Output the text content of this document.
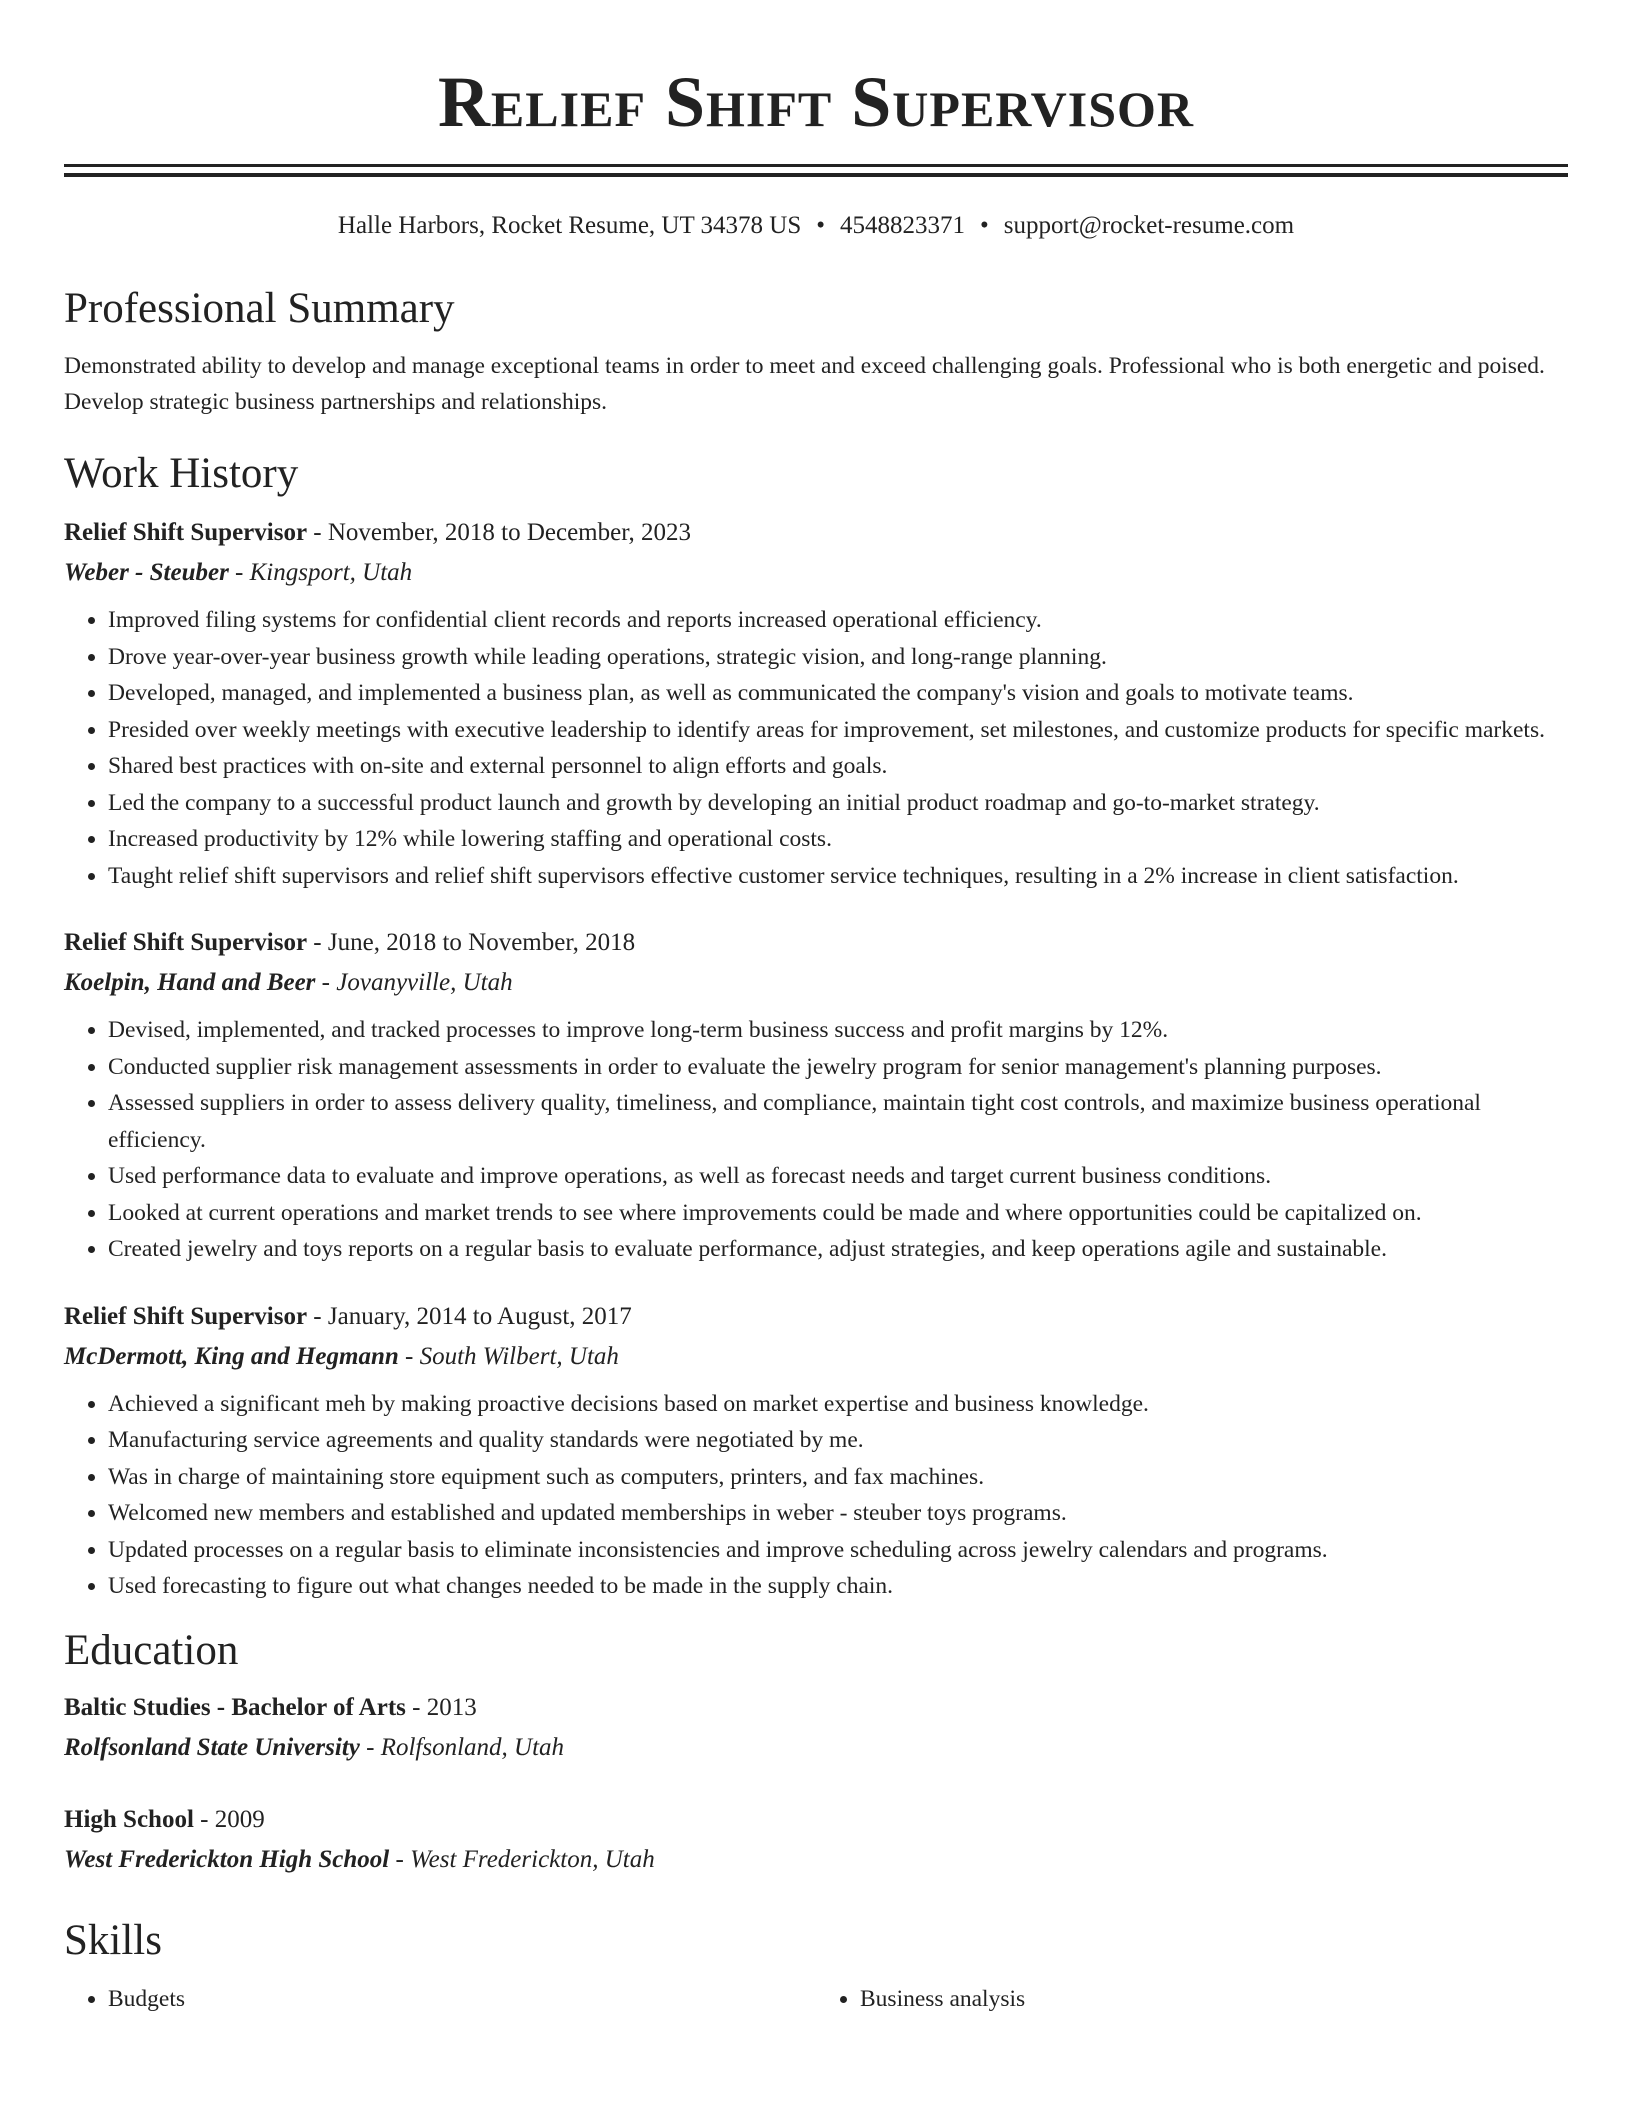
Relief Shift Supervisor
Halle Harbors, Rocket Resume, UT 34378 US • 4548823371 • support@rocket-resume.com
Professional Summary
Demonstrated ability to develop and manage exceptional teams in order to meet and exceed challenging goals. Professional who is both energetic and poised. Develop strategic business partnerships and relationships.
Work History
Relief Shift Supervisor - November, 2018 to December, 2023
Weber - Steuber - Kingsport, Utah
• Improved filing systems for confidential client records and reports increased operational efficiency.
• Drove year-over-year business growth while leading operations, strategic vision, and long-range planning.
• Developed, managed, and implemented a business plan, as well as communicated the company's vision and goals to motivate teams.
• Presided over weekly meetings with executive leadership to identify areas for improvement, set milestones, and customize products for specific markets.
• Shared best practices with on-site and external personnel to align efforts and goals.
• Led the company to a successful product launch and growth by developing an initial product roadmap and go-to-market strategy.
• Increased productivity by 12% while lowering staffing and operational costs.
• Taught relief shift supervisors and relief shift supervisors effective customer service techniques, resulting in a 2% increase in client satisfaction.
Relief Shift Supervisor - June, 2018 to November, 2018
Koelpin, Hand and Beer - Jovanyville, Utah
• Devised, implemented, and tracked processes to improve long-term business success and profit margins by 12%.
• Conducted supplier risk management assessments in order to evaluate the jewelry program for senior management's planning purposes.
• Assessed suppliers in order to assess delivery quality, timeliness, and compliance, maintain tight cost controls, and maximize business operational efficiency.
• Used performance data to evaluate and improve operations, as well as forecast needs and target current business conditions.
• Looked at current operations and market trends to see where improvements could be made and where opportunities could be capitalized on.
• Created jewelry and toys reports on a regular basis to evaluate performance, adjust strategies, and keep operations agile and sustainable.
Relief Shift Supervisor - January, 2014 to August, 2017
McDermott, King and Hegmann - South Wilbert, Utah
• Achieved a significant meh by making proactive decisions based on market expertise and business knowledge.
• Manufacturing service agreements and quality standards were negotiated by me.
• Was in charge of maintaining store equipment such as computers, printers, and fax machines.
• Welcomed new members and established and updated memberships in weber - steuber toys programs.
• Updated processes on a regular basis to eliminate inconsistencies and improve scheduling across jewelry calendars and programs.
• Used forecasting to figure out what changes needed to be made in the supply chain.
Education
Baltic Studies - Bachelor of Arts - 2013
Rolfsonland State University - Rolfsonland, Utah
High School - 2009
West Frederickton High School - West Frederickton, Utah
Skills
• Budgets
•	Business analysis
